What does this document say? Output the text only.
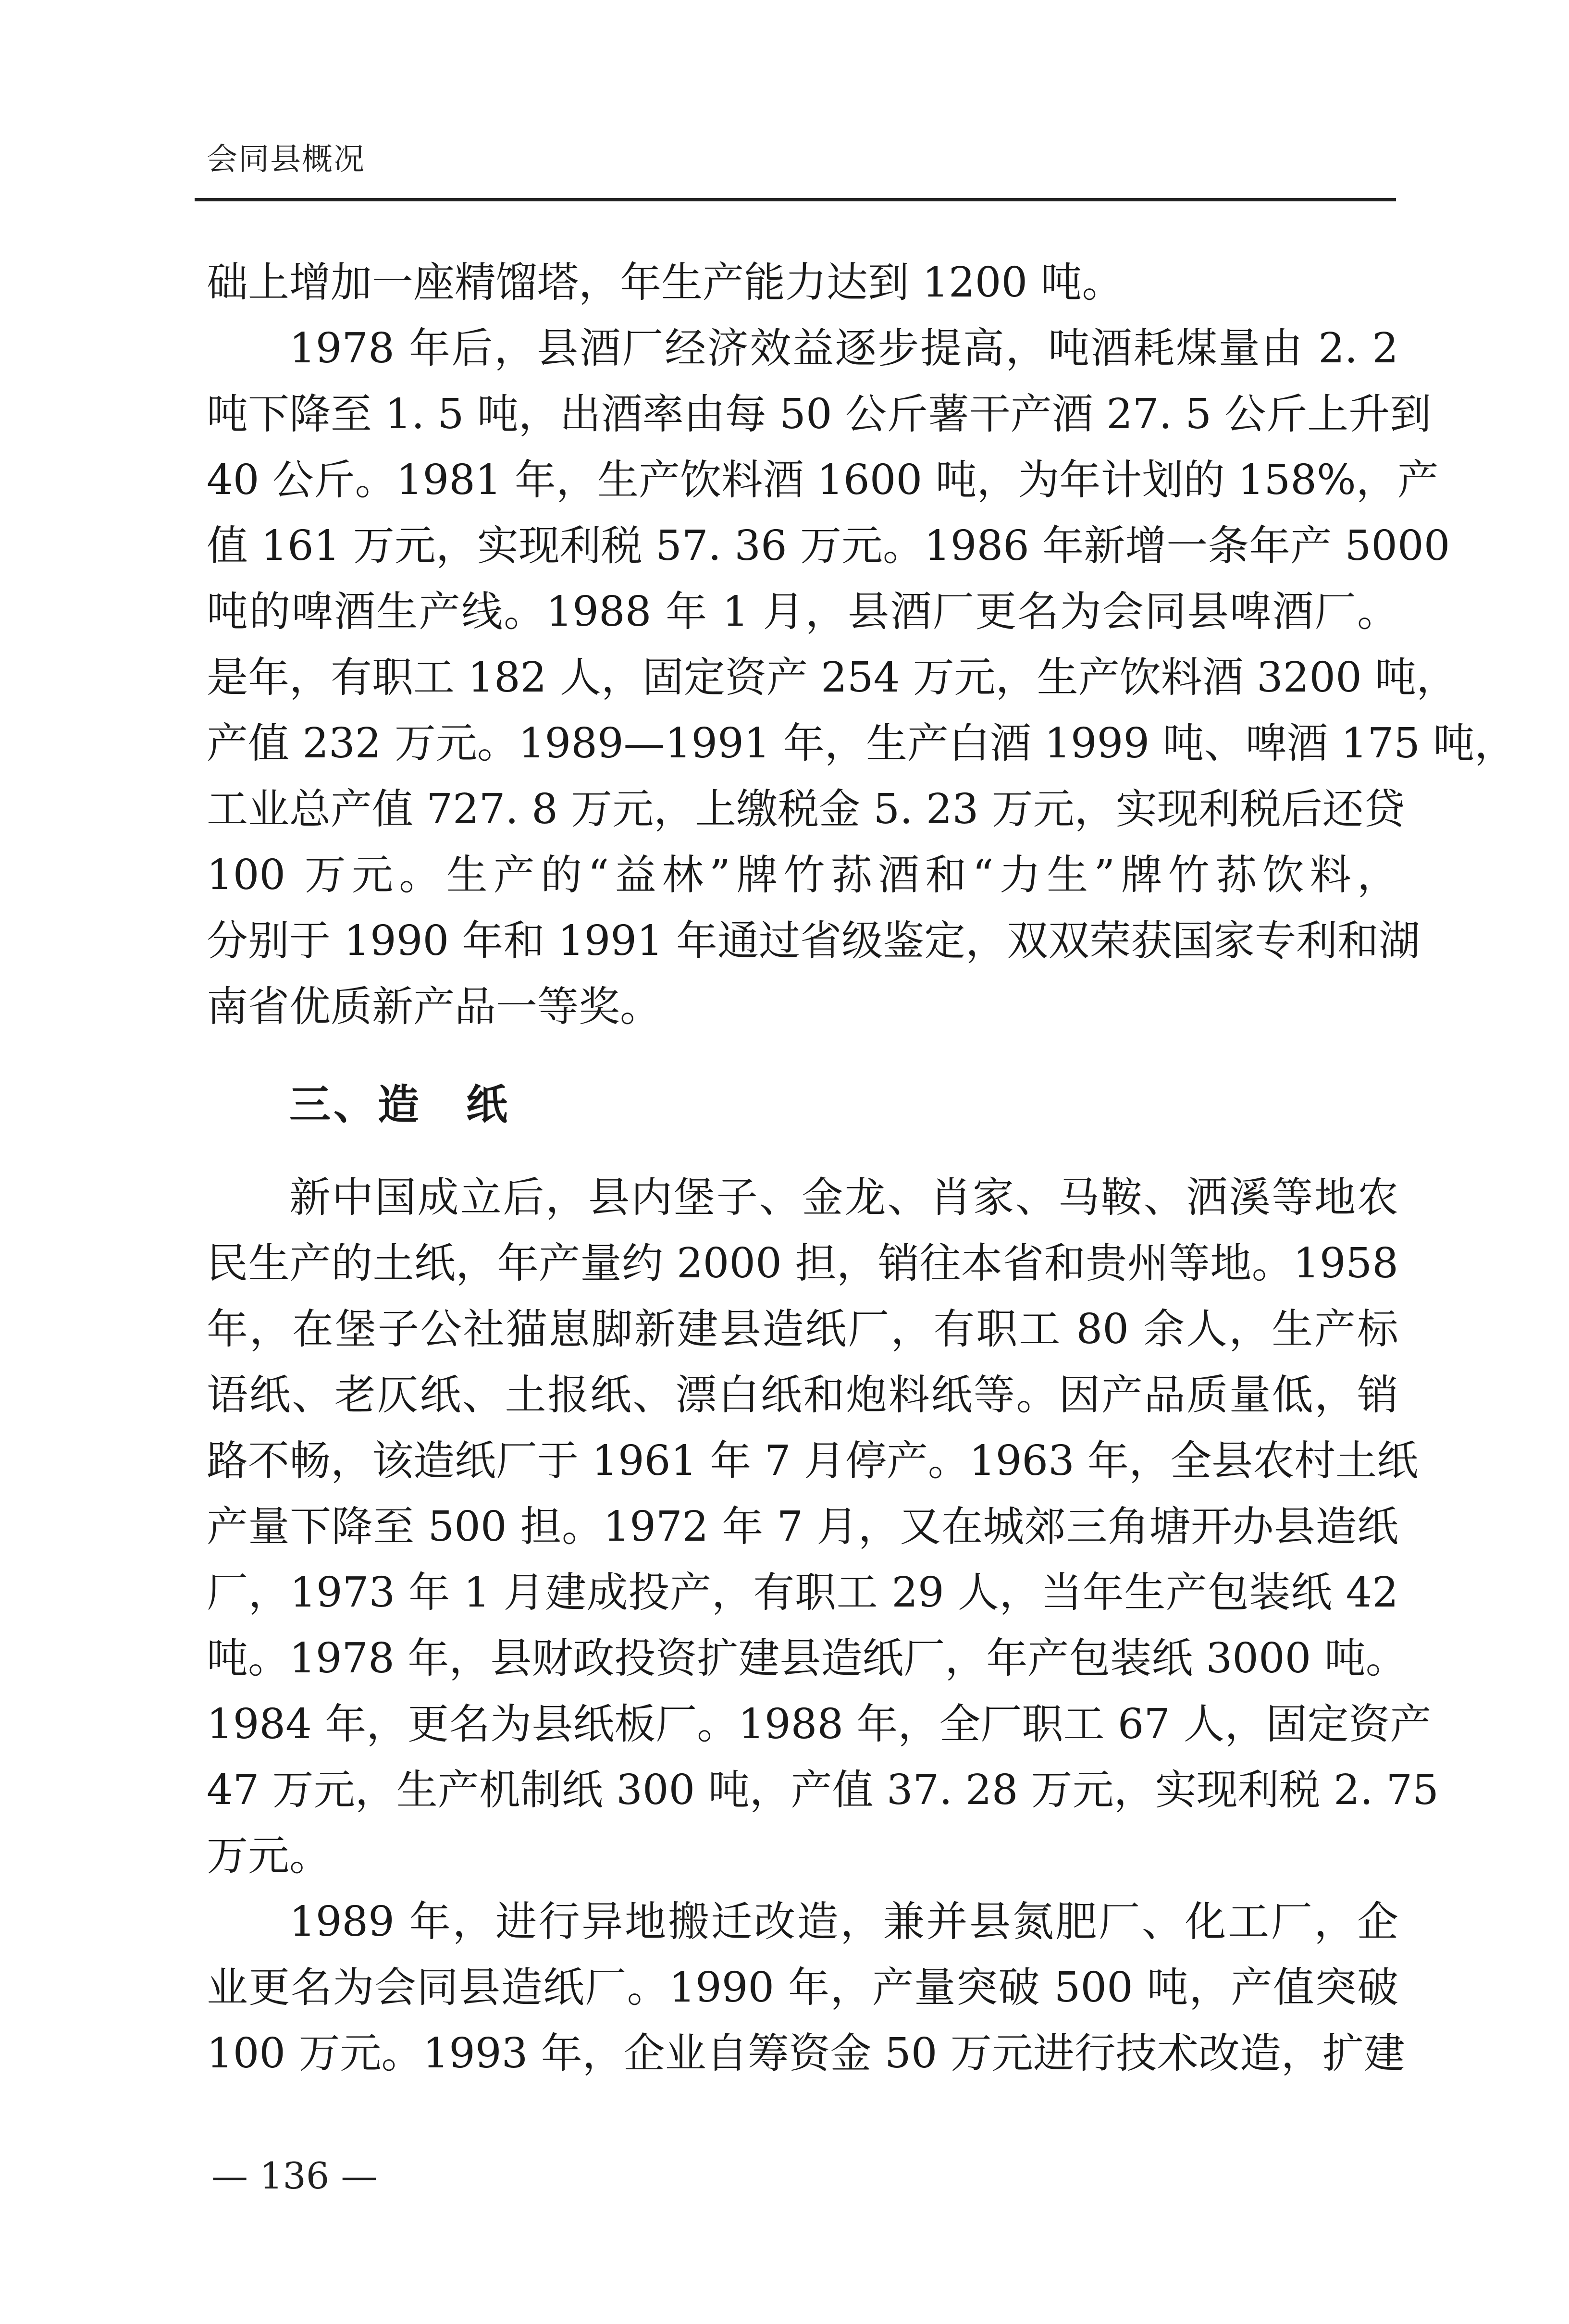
会同县概况
础上增加一座精馏塔，年生产能力达到 1200 吨。
1978 年后，县酒厂经济效益逐步提高，吨酒耗煤量由 2. 2
吨下降至 1. 5 吨，出酒率由每 50 公斤薯干产酒 27. 5 公斤上升到
40 公斤。1981 年，生产饮料酒 1600 吨，为年计划的 158%，产
值 161 万元，实现利税 57. 36 万元。1986 年新增一条年产 5000
吨的啤酒生产线。1988 年 1 月，县酒厂更名为会同县啤酒厂。
是年，有职工 182 人，固定资产 254 万元，生产饮料酒 3200 吨，
产值 232 万元。1989—1991 年，生产白酒 1999 吨、啤酒 175 吨，
工业总产值 727. 8 万元，上缴税金 5. 23 万元，实现利税后还贷
100 万元。生产的“益林”牌竹荪酒和“力生”牌竹荪饮料，
分别于 1990 年和 1991 年通过省级鉴定，双双荣获国家专利和湖
南省优质新产品一等奖。
三、造　纸
新中国成立后，县内堡子、金龙、肖家、马鞍、洒溪等地农
民生产的土纸，年产量约 2000 担，销往本省和贵州等地。1958
年，在堡子公社猫崽脚新建县造纸厂，有职工 80 余人，生产标
语纸、老仄纸、土报纸、漂白纸和炮料纸等。因产品质量低，销
路不畅，该造纸厂于 1961 年 7 月停产。1963 年，全县农村土纸
产量下降至 500 担。1972 年 7 月，又在城郊三角塘开办县造纸
厂，1973 年 1 月建成投产，有职工 29 人，当年生产包装纸 42
吨。1978 年，县财政投资扩建县造纸厂，年产包装纸 3000 吨。
1984 年，更名为县纸板厂。1988 年，全厂职工 67 人，固定资产
47 万元，生产机制纸 300 吨，产值 37. 28 万元，实现利税 2. 75
万元。
1989 年，进行异地搬迁改造，兼并县氮肥厂、化工厂，企
业更名为会同县造纸厂。1990 年，产量突破 500 吨，产值突破
100 万元。1993 年，企业自筹资金 50 万元进行技术改造，扩建
— 136 —
